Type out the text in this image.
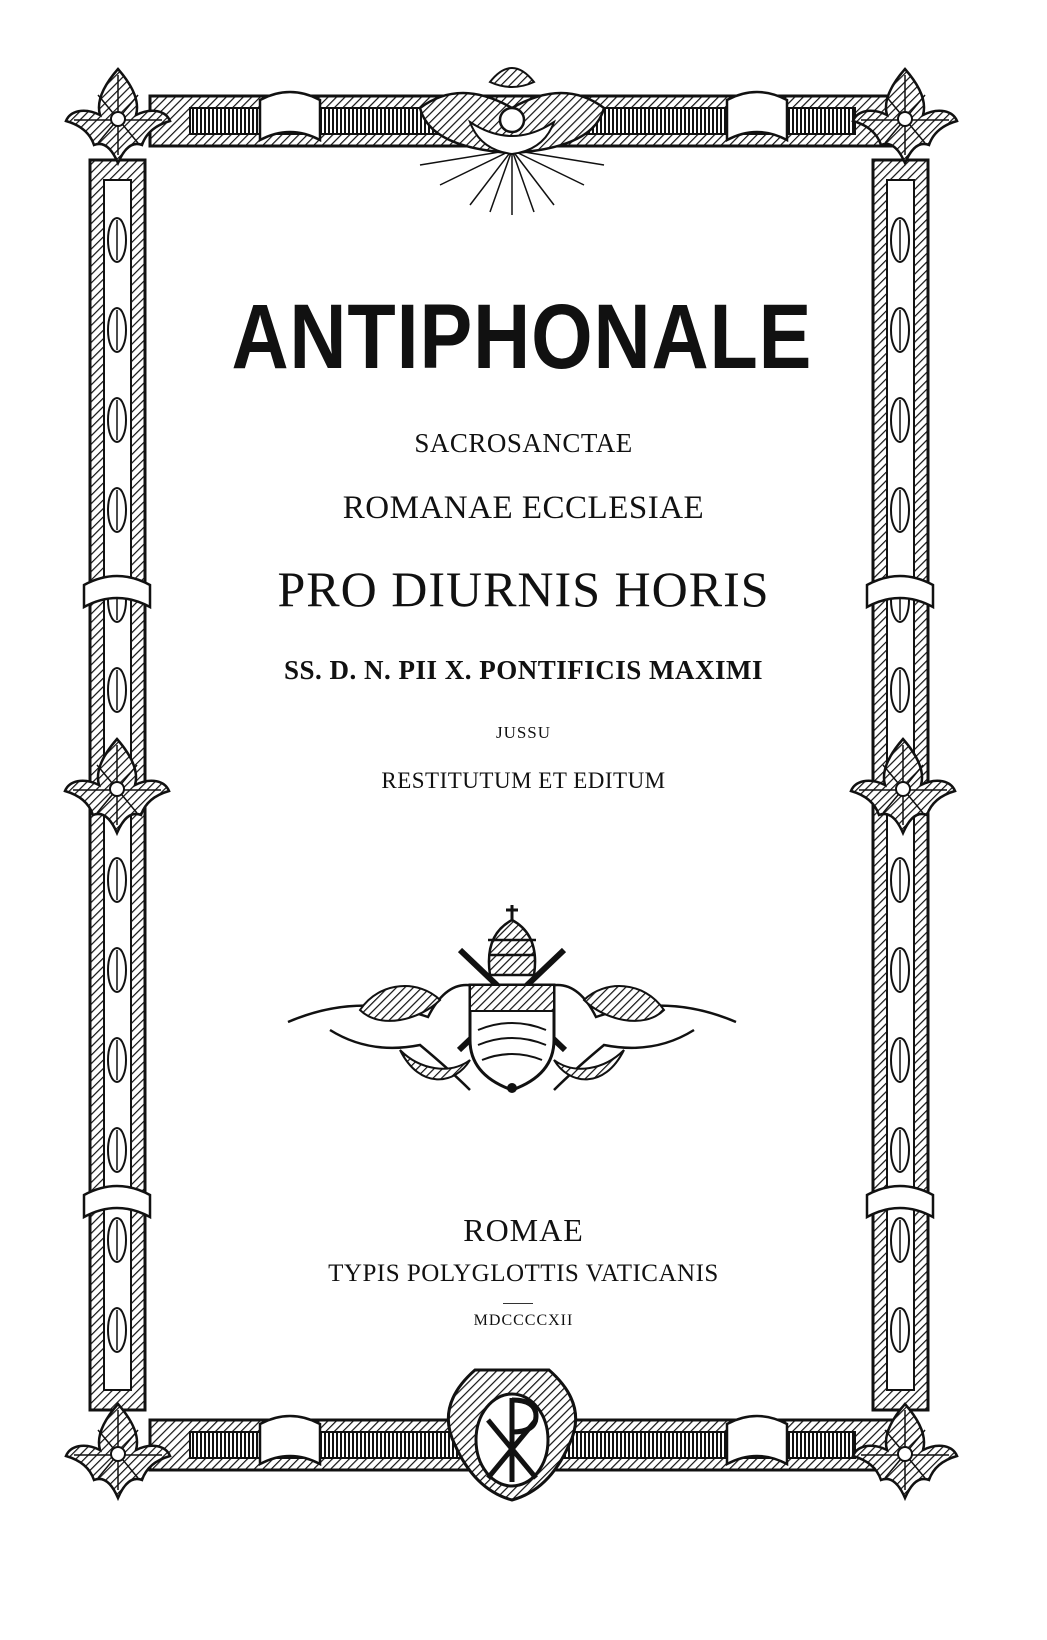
ANTIPHONALE
SACROSANCTAE
ROMANAE ECCLESIAE
PRO DIURNIS HORIS
SS. D. N. PII X. PONTIFICIS MAXIMI
JUSSU
RESTITUTUM ET EDITUM
ROMAE
TYPIS POLYGLOTTIS VATICANIS
MDCCCCXII
